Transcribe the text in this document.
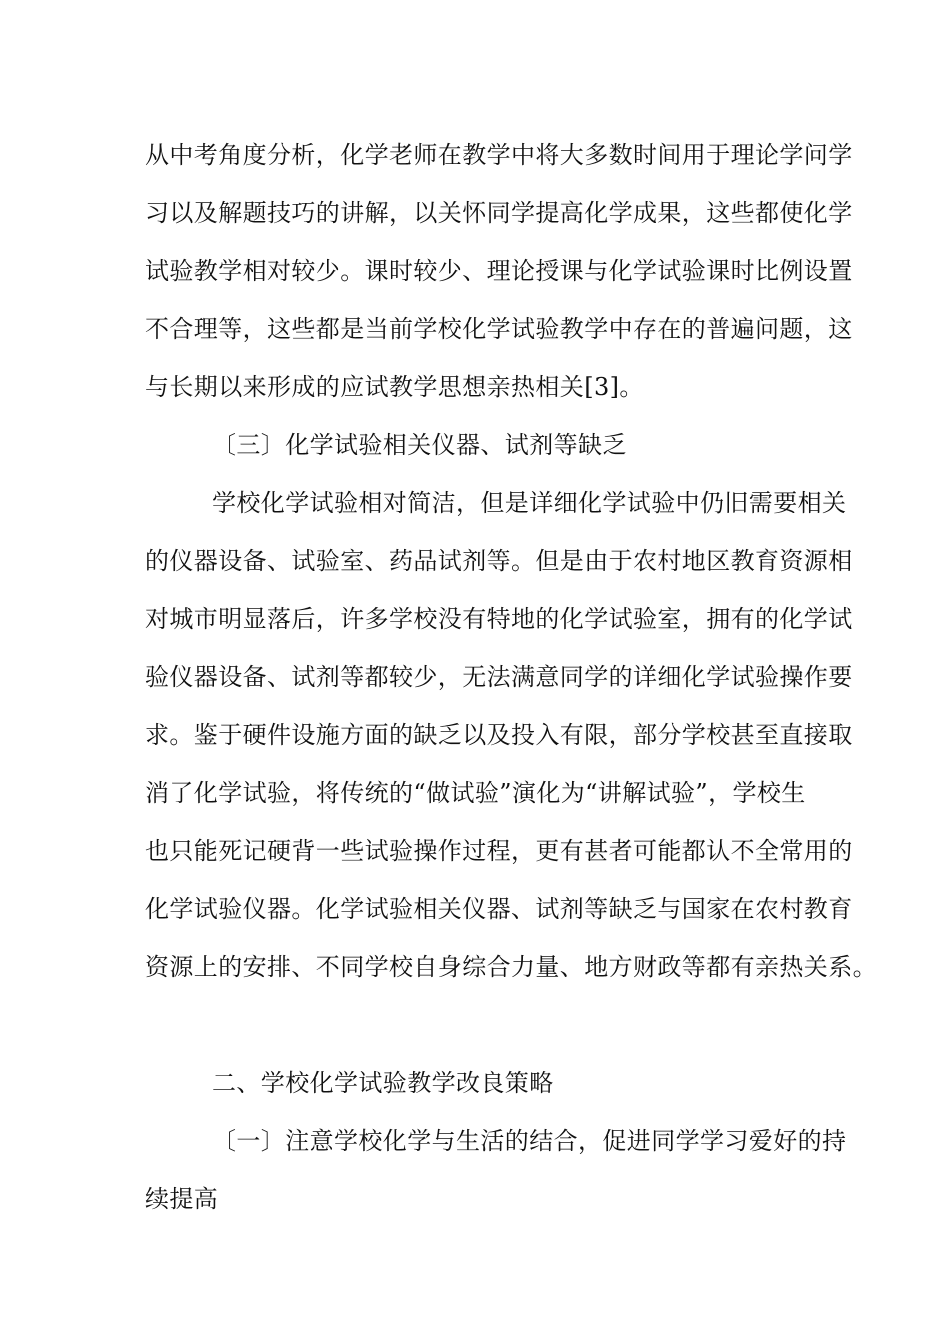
从中考角度分析，化学老师在教学中将大多数时间用于理论学问学
习以及解题技巧的讲解，以关怀同学提高化学成果，这些都使化学
试验教学相对较少。课时较少、理论授课与化学试验课时比例设置
不合理等，这些都是当前学校化学试验教学中存在的普遍问题，这
与长期以来形成的应试教学思想亲热相关[3]。
〔三〕化学试验相关仪器、试剂等缺乏
学校化学试验相对简洁，但是详细化学试验中仍旧需要相关
的仪器设备、试验室、药品试剂等。但是由于农村地区教育资源相
对城市明显落后，许多学校没有特地的化学试验室，拥有的化学试
验仪器设备、试剂等都较少，无法满意同学的详细化学试验操作要
求。鉴于硬件设施方面的缺乏以及投入有限，部分学校甚至直接取
消了化学试验，将传统的“做试验”演化为“讲解试验”，学校生
也只能死记硬背一些试验操作过程，更有甚者可能都认不全常用的
化学试验仪器。化学试验相关仪器、试剂等缺乏与国家在农村教育
资源上的安排、不同学校自身综合力量、地方财政等都有亲热关系。
二、学校化学试验教学改良策略
〔一〕注意学校化学与生活的结合，促进同学学习爱好的持
续提高
